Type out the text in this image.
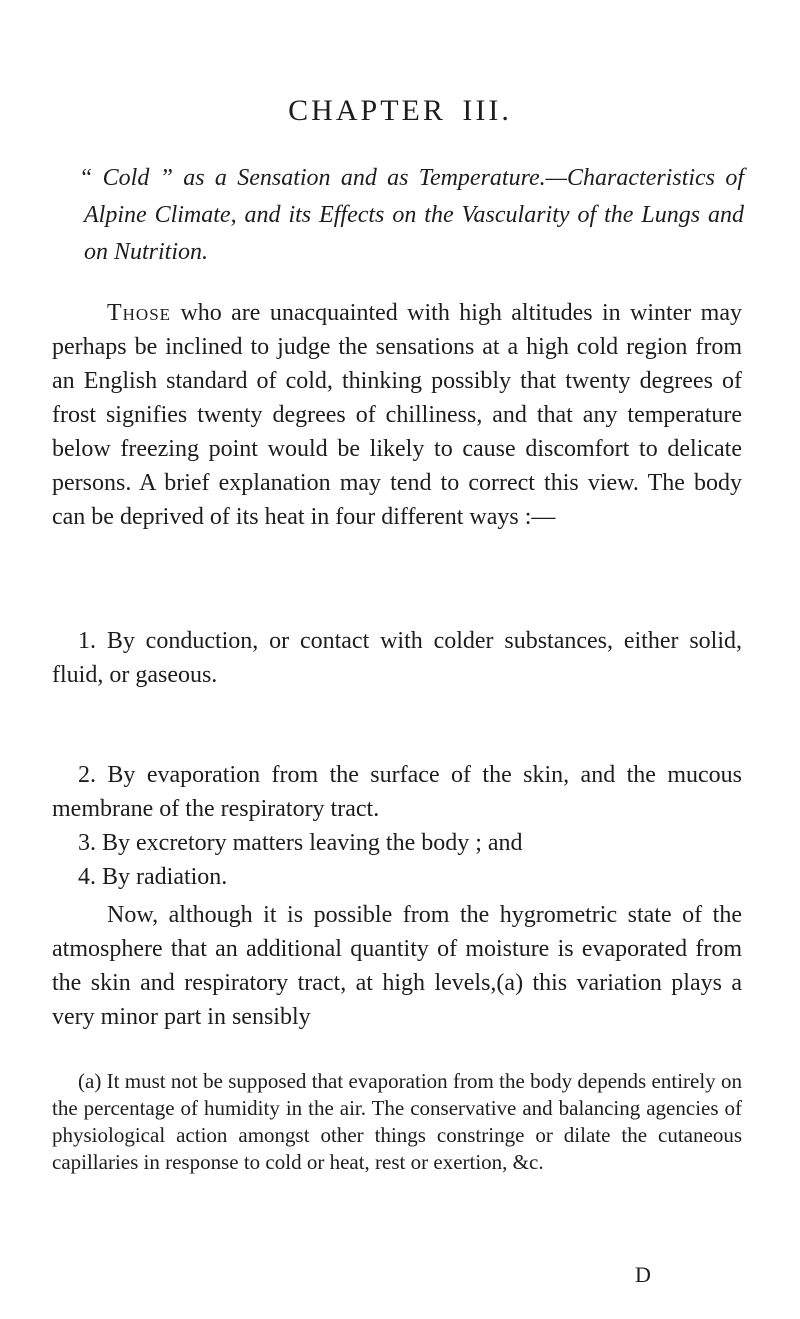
CHAPTER III.

“ Cold ” as a Sensation and as Temperature.—Characteristics of Alpine Climate, and its Effects on the Vascularity of the Lungs and on Nutrition.

Those who are unacquainted with high altitudes in winter may perhaps be inclined to judge the sensations at a high cold region from an English standard of cold, thinking possibly that twenty degrees of frost signifies twenty degrees of chilliness, and that any temperature below freezing point would be likely to cause discomfort to delicate persons. A brief explanation may tend to correct this view. The body can be deprived of its heat in four different ways :—

1. By conduction, or contact with colder substances, either solid, fluid, or gaseous.

2. By evaporation from the surface of the skin, and the mucous membrane of the respiratory tract.

3. By excretory matters leaving the body ; and

4. By radiation.

Now, although it is possible from the hygrometric state of the atmosphere that an additional quantity of moisture is evaporated from the skin and respiratory tract, at high levels,(a) this variation plays a very minor part in sensibly

(a) It must not be supposed that evaporation from the body depends entirely on the percentage of humidity in the air. The conservative and balancing agencies of physiological action amongst other things constringe or dilate the cutaneous capillaries in response to cold or heat, rest or exertion, &c.

D
